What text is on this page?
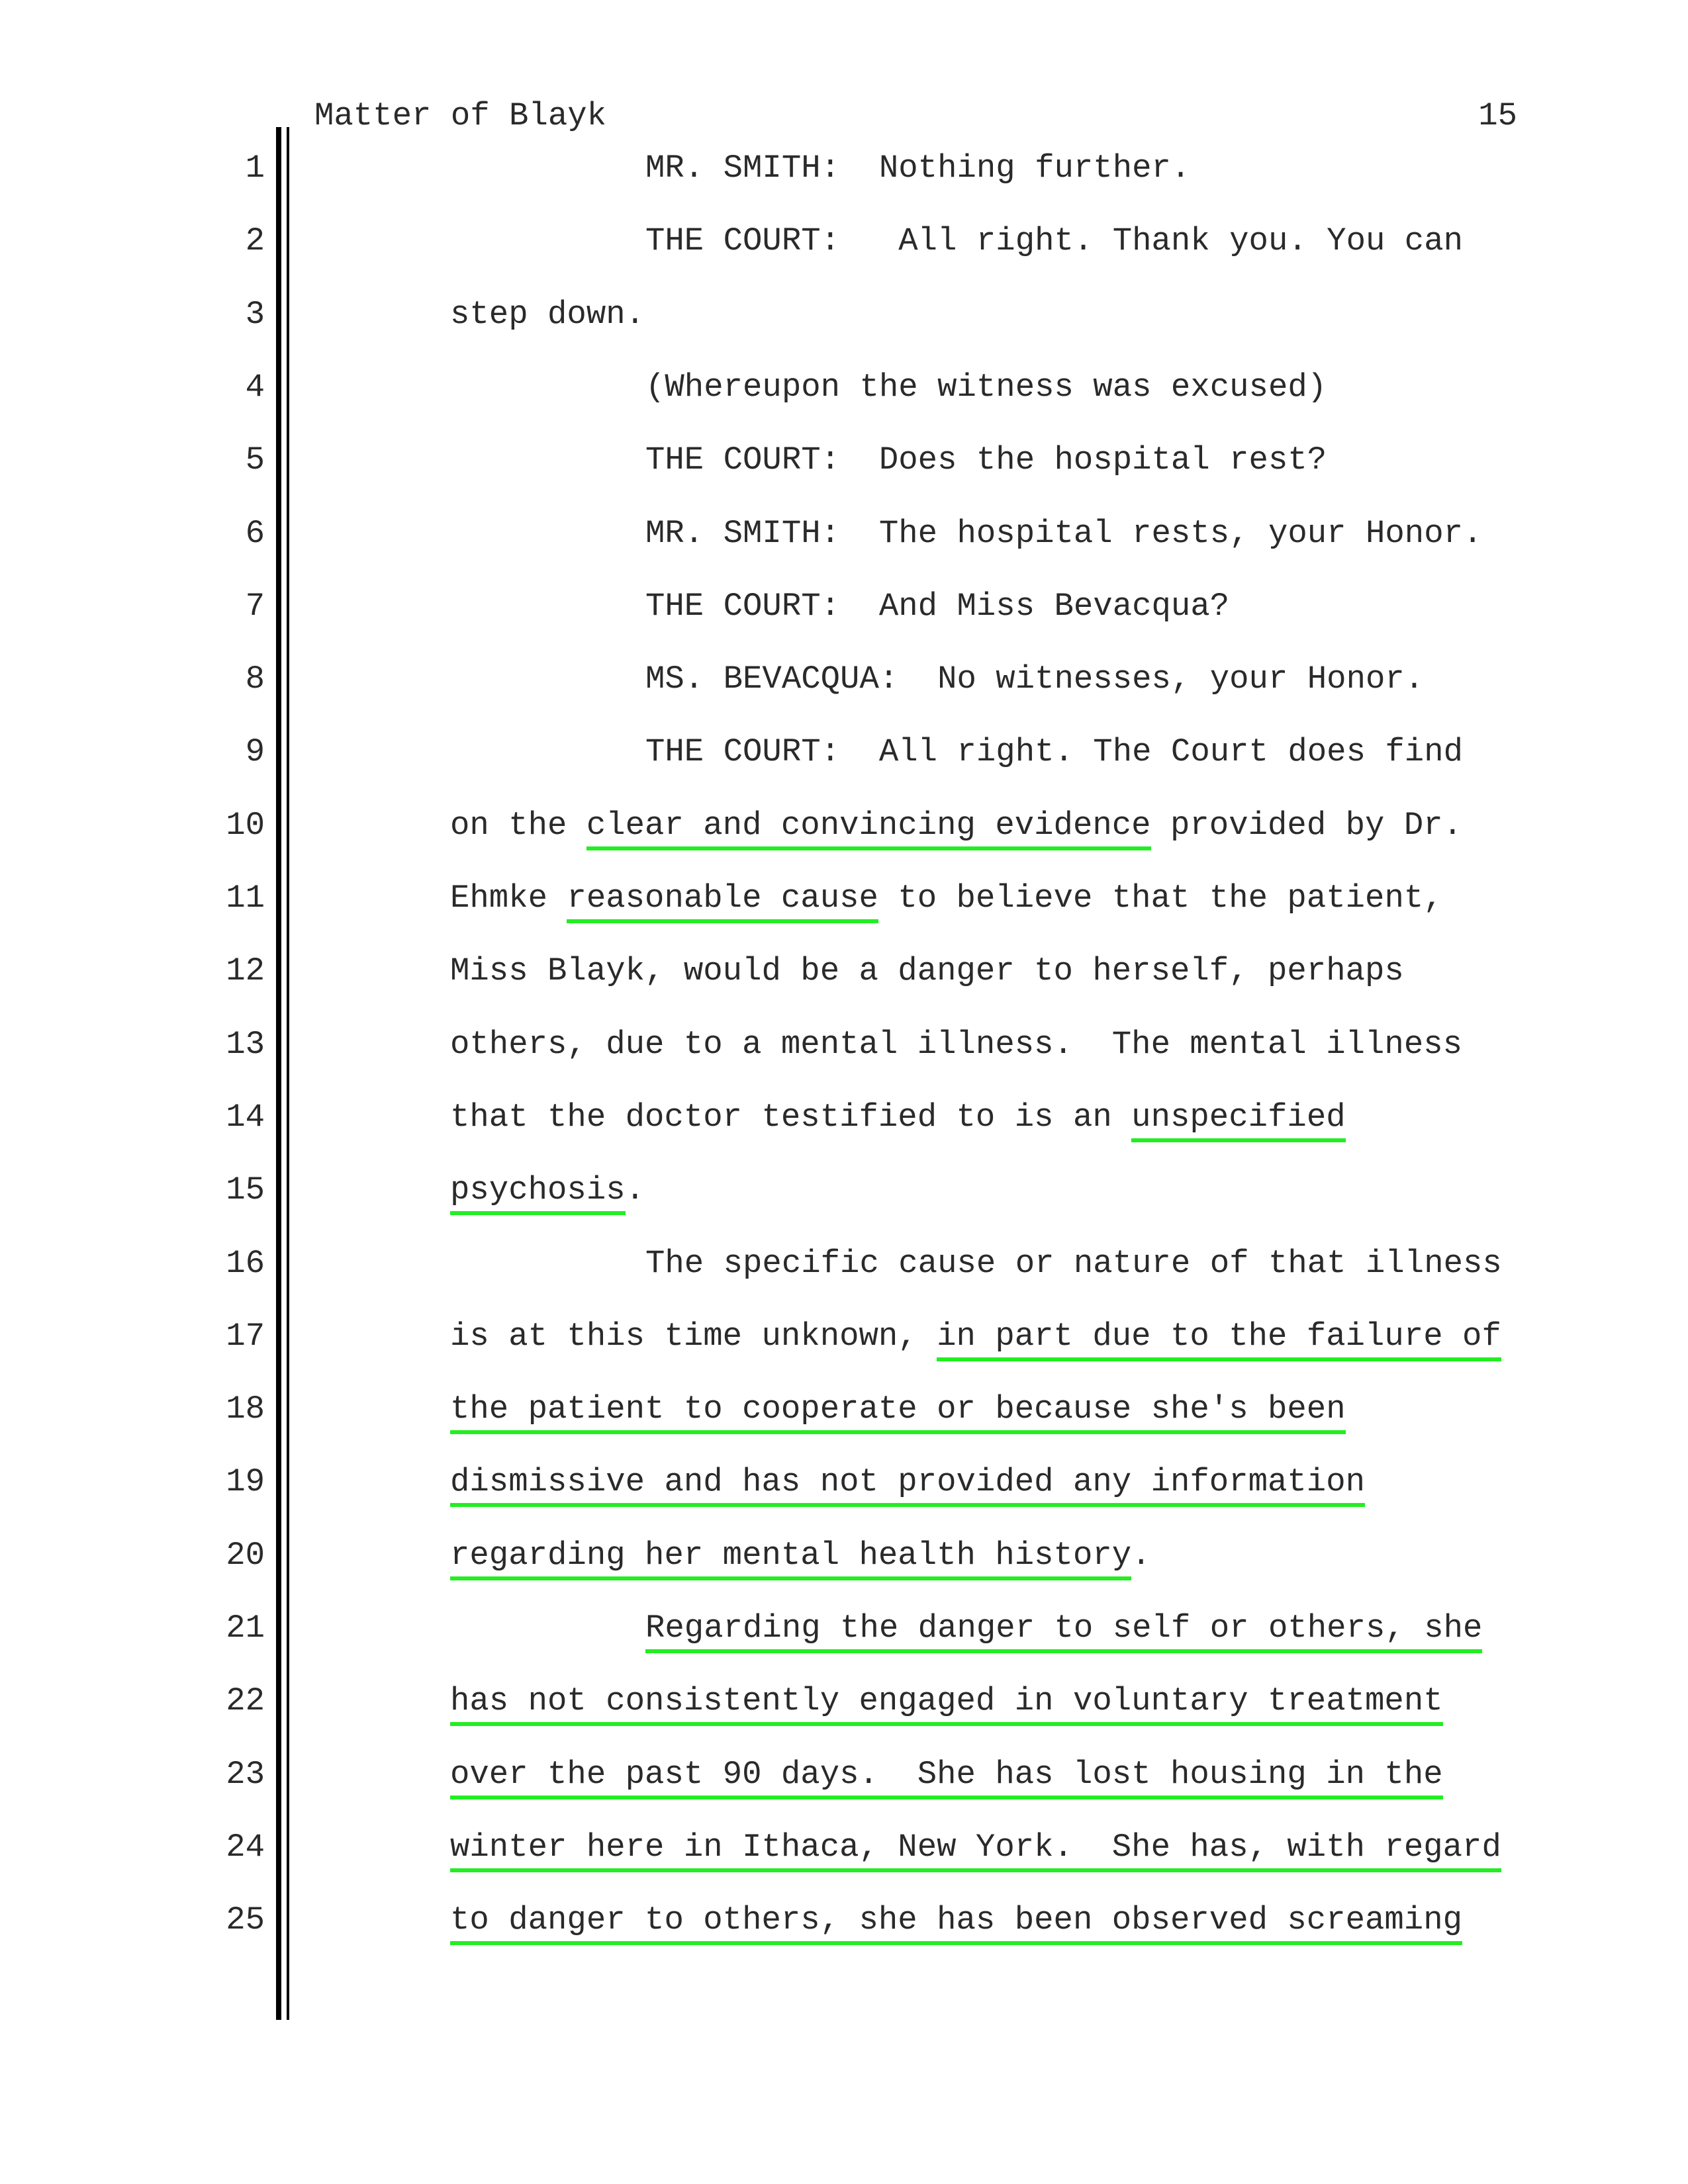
Matter of Blayk	15
1	MR. SMITH:  Nothing further.
2	THE COURT:   All right. Thank you. You can
3	step down.
4	(Whereupon the witness was excused)
5	THE COURT:  Does the hospital rest?
6	MR. SMITH:  The hospital rests, your Honor.
7	THE COURT:  And Miss Bevacqua?
8	MS. BEVACQUA:  No witnesses, your Honor.
9	THE COURT:  All right. The Court does find
10	on the clear and convincing evidence provided by Dr.
11	Ehmke reasonable cause to believe that the patient,
12	Miss Blayk, would be a danger to herself, perhaps
13	others, due to a mental illness.  The mental illness
14	that the doctor testified to is an unspecified
15	psychosis.
16	The specific cause or nature of that illness
17	is at this time unknown, in part due to the failure of
18	the patient to cooperate or because she's been
19	dismissive and has not provided any information
20	regarding her mental health history.
21	Regarding the danger to self or others, she
22	has not consistently engaged in voluntary treatment
23	over the past 90 days.  She has lost housing in the
24	winter here in Ithaca, New York.  She has, with regard
25	to danger to others, she has been observed screaming
